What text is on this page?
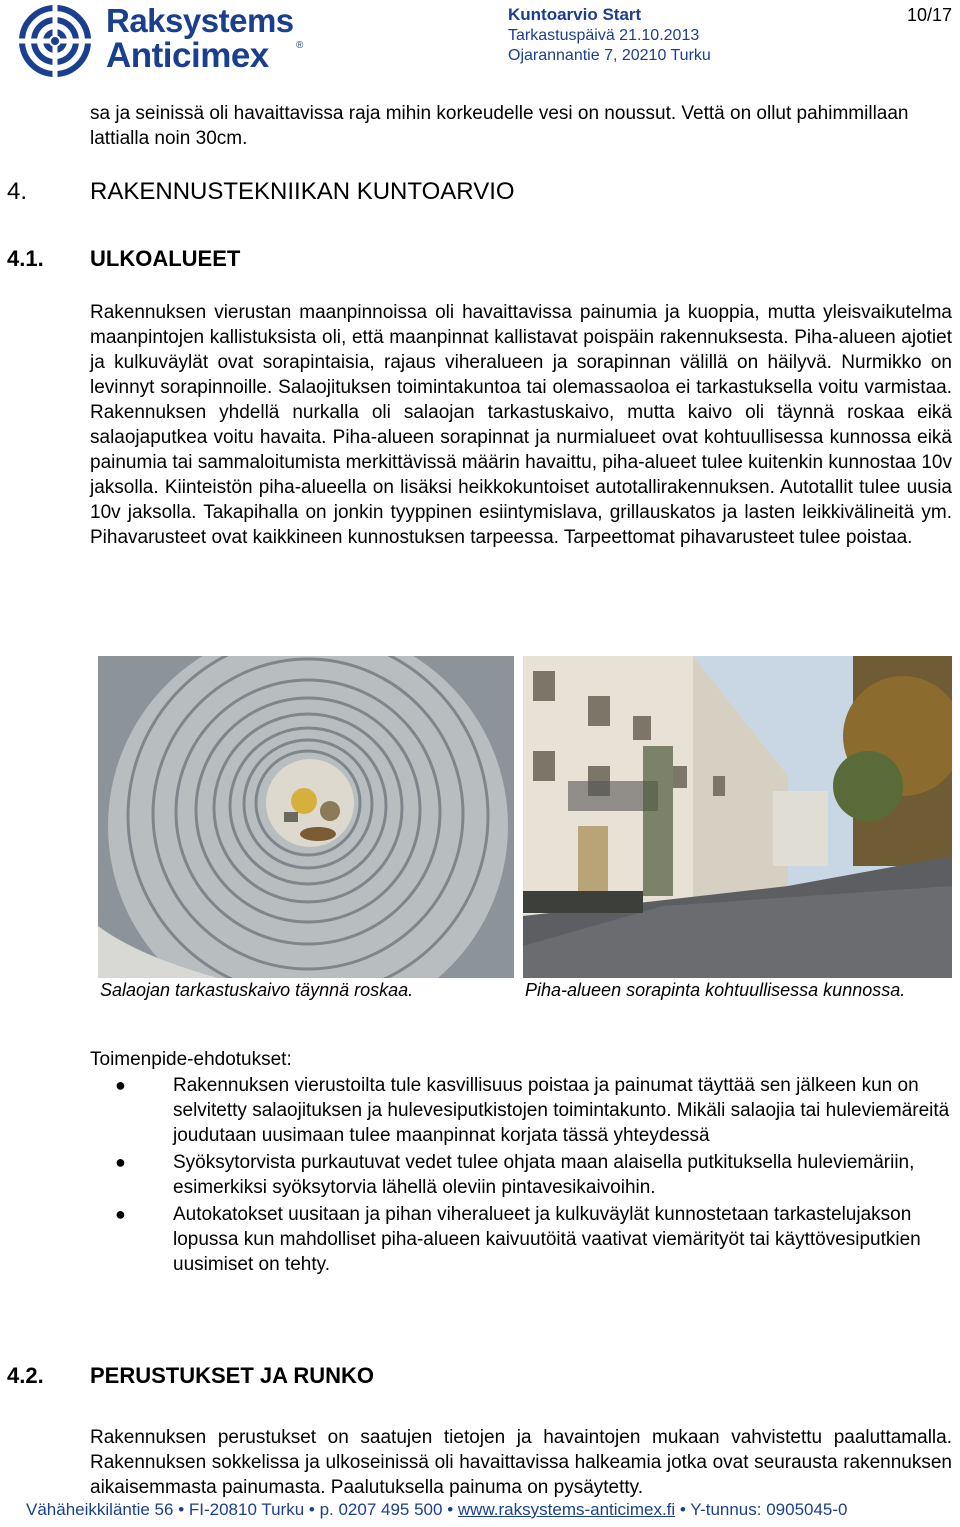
Raksystems
Anticimex	®
Kuntoarvio Start
Tarkastuspäivä 21.10.2013
Ojarannantie 7, 20210 Turku
10/17
sa ja seinissä oli havaittavissa raja mihin korkeudelle vesi on noussut. Vettä on ollut pahimmillaan lattialla noin 30cm.
4.	RAKENNUSTEKNIIKAN KUNTOARVIO
4.1. ULKOALUEET
Rakennuksen vierustan maanpinnoissa oli havaittavissa painumia ja kuoppia, mutta yleisvaikutelma maanpintojen kallistuksista oli, että maanpinnat kallistavat poispäin rakennuksesta. Piha-alueen ajotiet ja kulkuväylät ovat sorapintaisia, rajaus viheralueen ja sorapinnan välillä on häilyvä. Nurmikko on levinnyt sorapinnoille. Salaojituksen toimintakuntoa tai olemassaoloa ei tarkastuksella voitu varmistaa. Rakennuksen yhdellä nurkalla oli salaojan tarkastuskaivo, mutta kaivo oli täynnä roskaa eikä salaojaputkea voitu havaita. Piha-alueen sorapinnat ja nurmialueet ovat kohtuullisessa kunnossa eikä painumia tai sammaloitumista merkittävissä määrin havaittu, piha-alueet tulee kuitenkin kunnostaa 10v jaksolla. Kiinteistön piha-alueella on lisäksi heikkokuntoiset autotallirakennuksen. Autotallit tulee uusia 10v jaksolla. Takapihalla on jonkin tyyppinen esiintymislava, grillauskatos ja lasten leikkivälineitä ym. Pihavarusteet ovat kaikkineen kunnostuksen tarpeessa. Tarpeettomat pihavarusteet tulee poistaa.
Salaojan tarkastuskaivo täynnä roskaa.	Piha-alueen sorapinta kohtuullisessa kunnossa.
Toimenpide-ehdotukset:
● Rakennuksen vierustoilta tule kasvillisuus poistaa ja painumat täyttää sen jälkeen kun on selvitetty salaojituksen ja hulevesiputkistojen toimintakunto. Mikäli salaojia tai huleviemäreitä joudutaan uusimaan tulee maanpinnat korjata tässä yhteydessä
● Syöksytorvista purkautuvat vedet tulee ohjata maan alaisella putkituksella huleviemäriin, esimerkiksi syöksytorvia lähellä oleviin pintavesikaivoihin.
● Autokatokset uusitaan ja pihan viheralueet ja kulkuväylät kunnostetaan tarkastelujakson lopussa kun mahdolliset piha-alueen kaivuutöitä vaativat viemärityöt tai käyttövesiputkien uusimiset on tehty.
4.2. PERUSTUKSET JA RUNKO
Rakennuksen perustukset on saatujen tietojen ja havaintojen mukaan vahvistettu paaluttamalla. Rakennuksen sokkelissa ja ulkoseinissä oli havaittavissa halkeamia jotka ovat seurausta rakennuksen aikaisemmasta painumasta. Paalutuksella painuma on pysäytetty.
Vähäheikkiläntie 56 • FI-20810 Turku • p. 0207 495 500 • www.raksystems-anticimex.fi • Y-tunnus: 0905045-0
